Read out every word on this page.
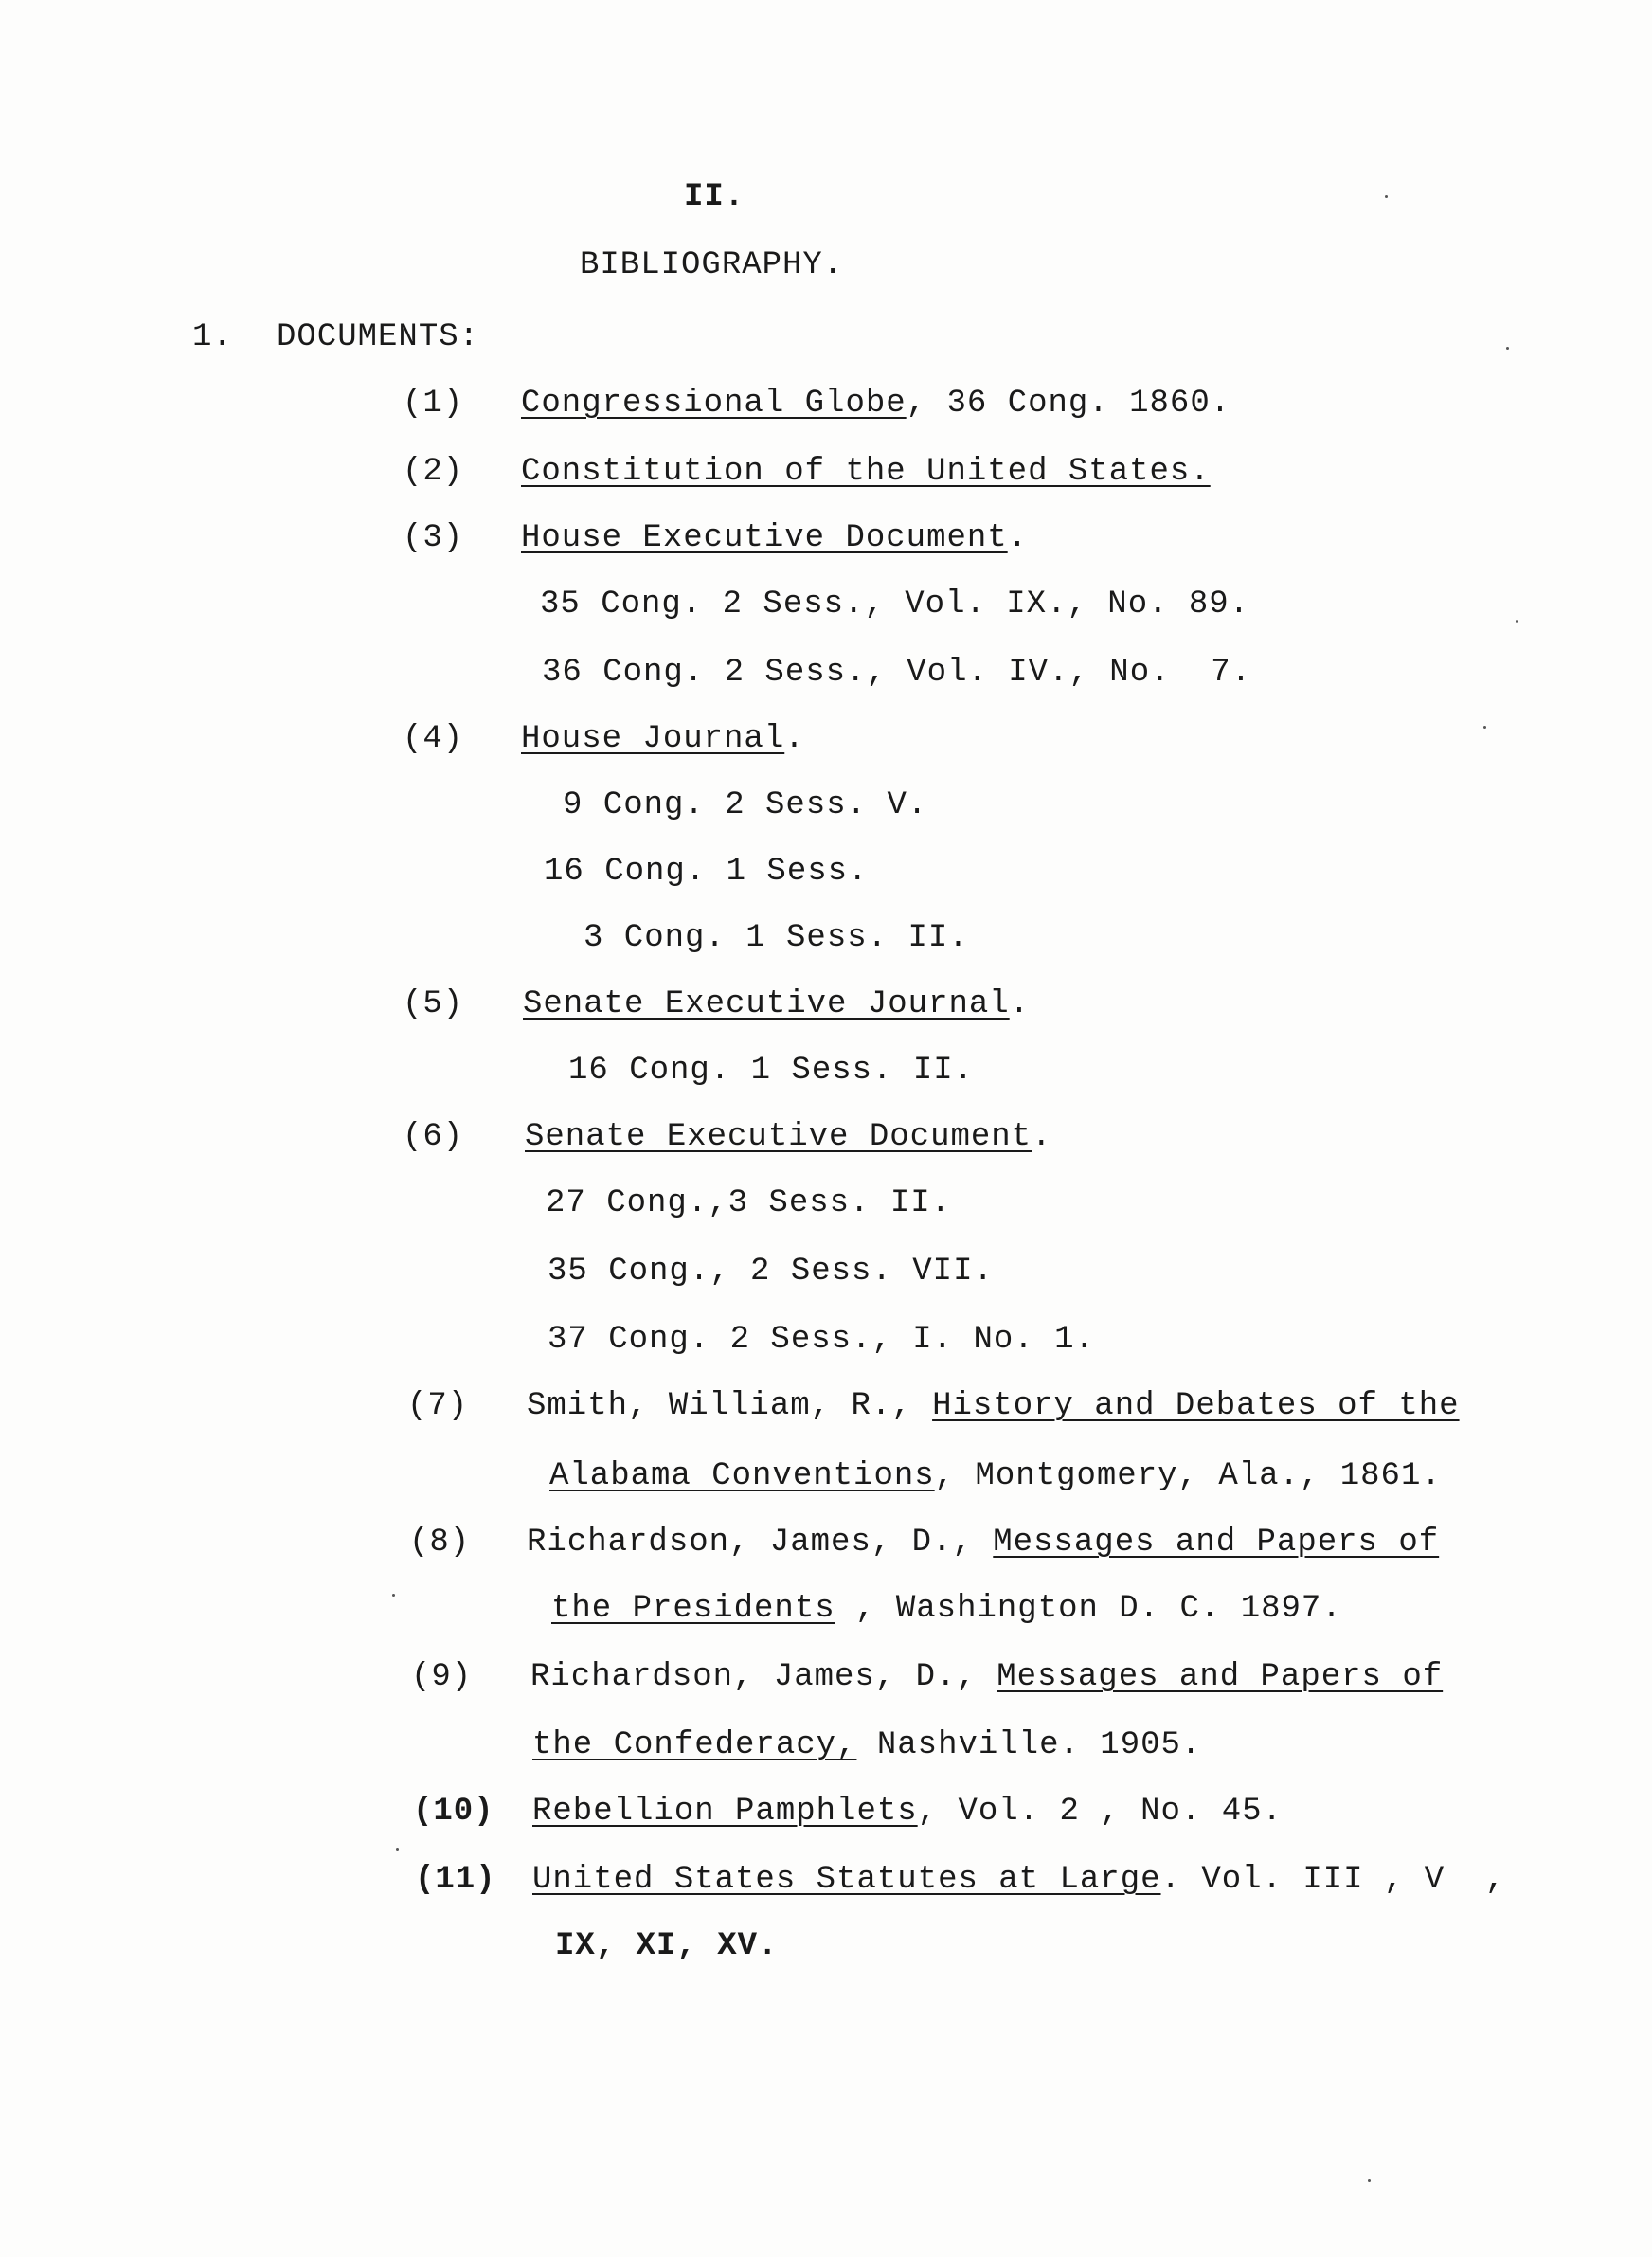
II.
BIBLIOGRAPHY.
1. DOCUMENTS:
(1) Congressional Globe, 36 Cong. 1860.
(2) Constitution of the United States.
(3) House Executive Document.
35 Cong. 2 Sess., Vol. IX., No. 89.
36 Cong. 2 Sess., Vol. IV., No.  7.
(4) House Journal.
9 Cong. 2 Sess. V.
16 Cong. 1 Sess.
3 Cong. 1 Sess. II.
(5) Senate Executive Journal.
16 Cong. 1 Sess. II.
(6) Senate Executive Document.
27 Cong.,3 Sess. II.
35 Cong., 2 Sess. VII.
37 Cong. 2 Sess., I. No. 1.
(7) Smith, William, R., History and Debates of the
Alabama Conventions, Montgomery, Ala., 1861.
(8) Richardson, James, D., Messages and Papers of
the Presidents , Washington D. C. 1897.
(9) Richardson, James, D., Messages and Papers of
the Confederacy, Nashville. 1905.
(10) Rebellion Pamphlets, Vol. 2 , No. 45.
(11) United States Statutes at Large. Vol. III , V  ,
IX, XI, XV.
